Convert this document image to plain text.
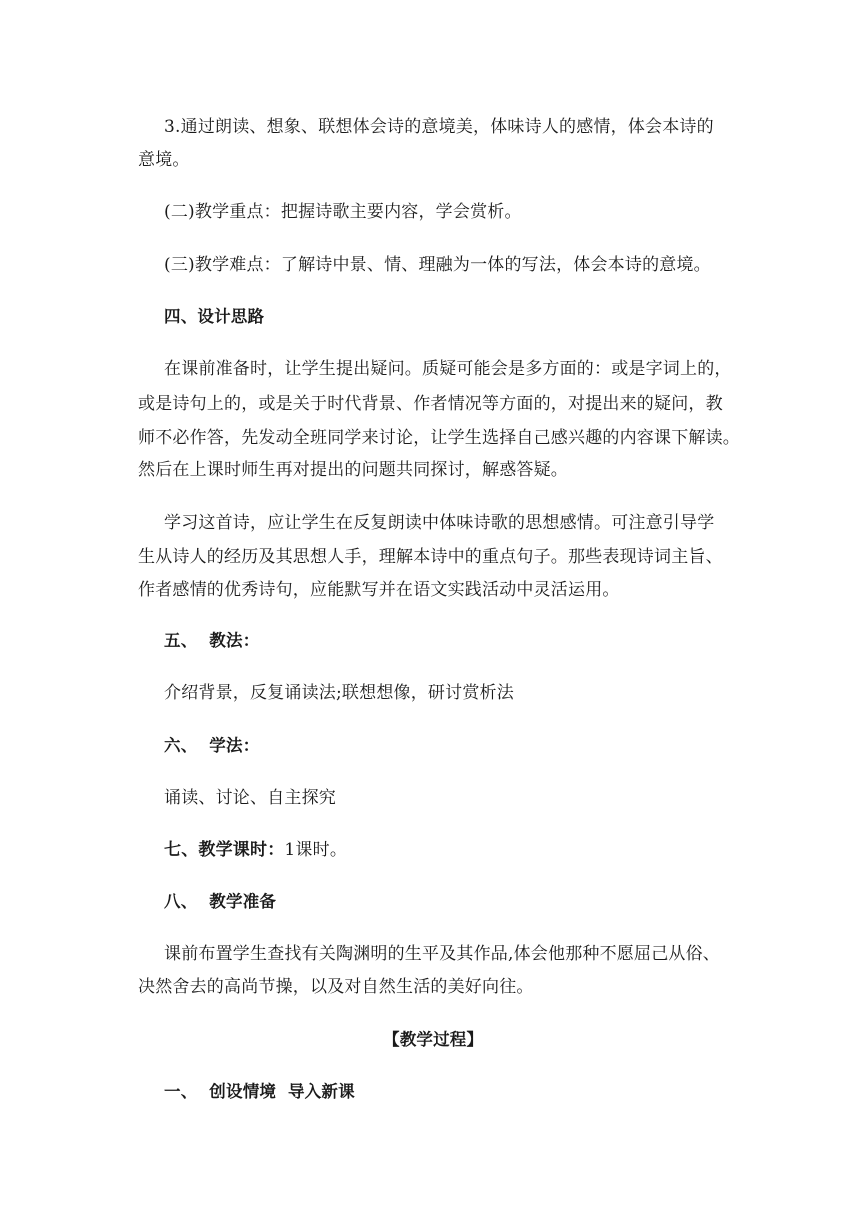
3.通过朗读、想象、联想体会诗的意境美，体味诗人的感情，体会本诗的
意境。
(二)教学重点：把握诗歌主要内容，学会赏析。
(三)教学难点：了解诗中景、情、理融为一体的写法，体会本诗的意境。
四、设计思路
在课前准备时，让学生提出疑问。质疑可能会是多方面的：或是字词上的，
或是诗句上的，或是关于时代背景、作者情况等方面的，对提出来的疑问，教
师不必作答，先发动全班同学来讨论，让学生选择自己感兴趣的内容课下解读。
然后在上课时师生再对提出的问题共同探讨，解惑答疑。
学习这首诗，应让学生在反复朗读中体味诗歌的思想感情。可注意引导学
生从诗人的经历及其思想人手，理解本诗中的重点句子。那些表现诗词主旨、
作者感情的优秀诗句，应能默写并在语文实践活动中灵活运用。
五、  教法：
介绍背景，反复诵读法;联想想像，研讨赏析法
六、  学法：
诵读、讨论、自主探究
七、教学课时：1课时。
八、  教学准备
课前布置学生查找有关陶渊明的生平及其作品,体会他那种不愿屈己从俗、
决然舍去的高尚节操，以及对自然生活的美好向往。
【教学过程】
一、  创设情境  导入新课
